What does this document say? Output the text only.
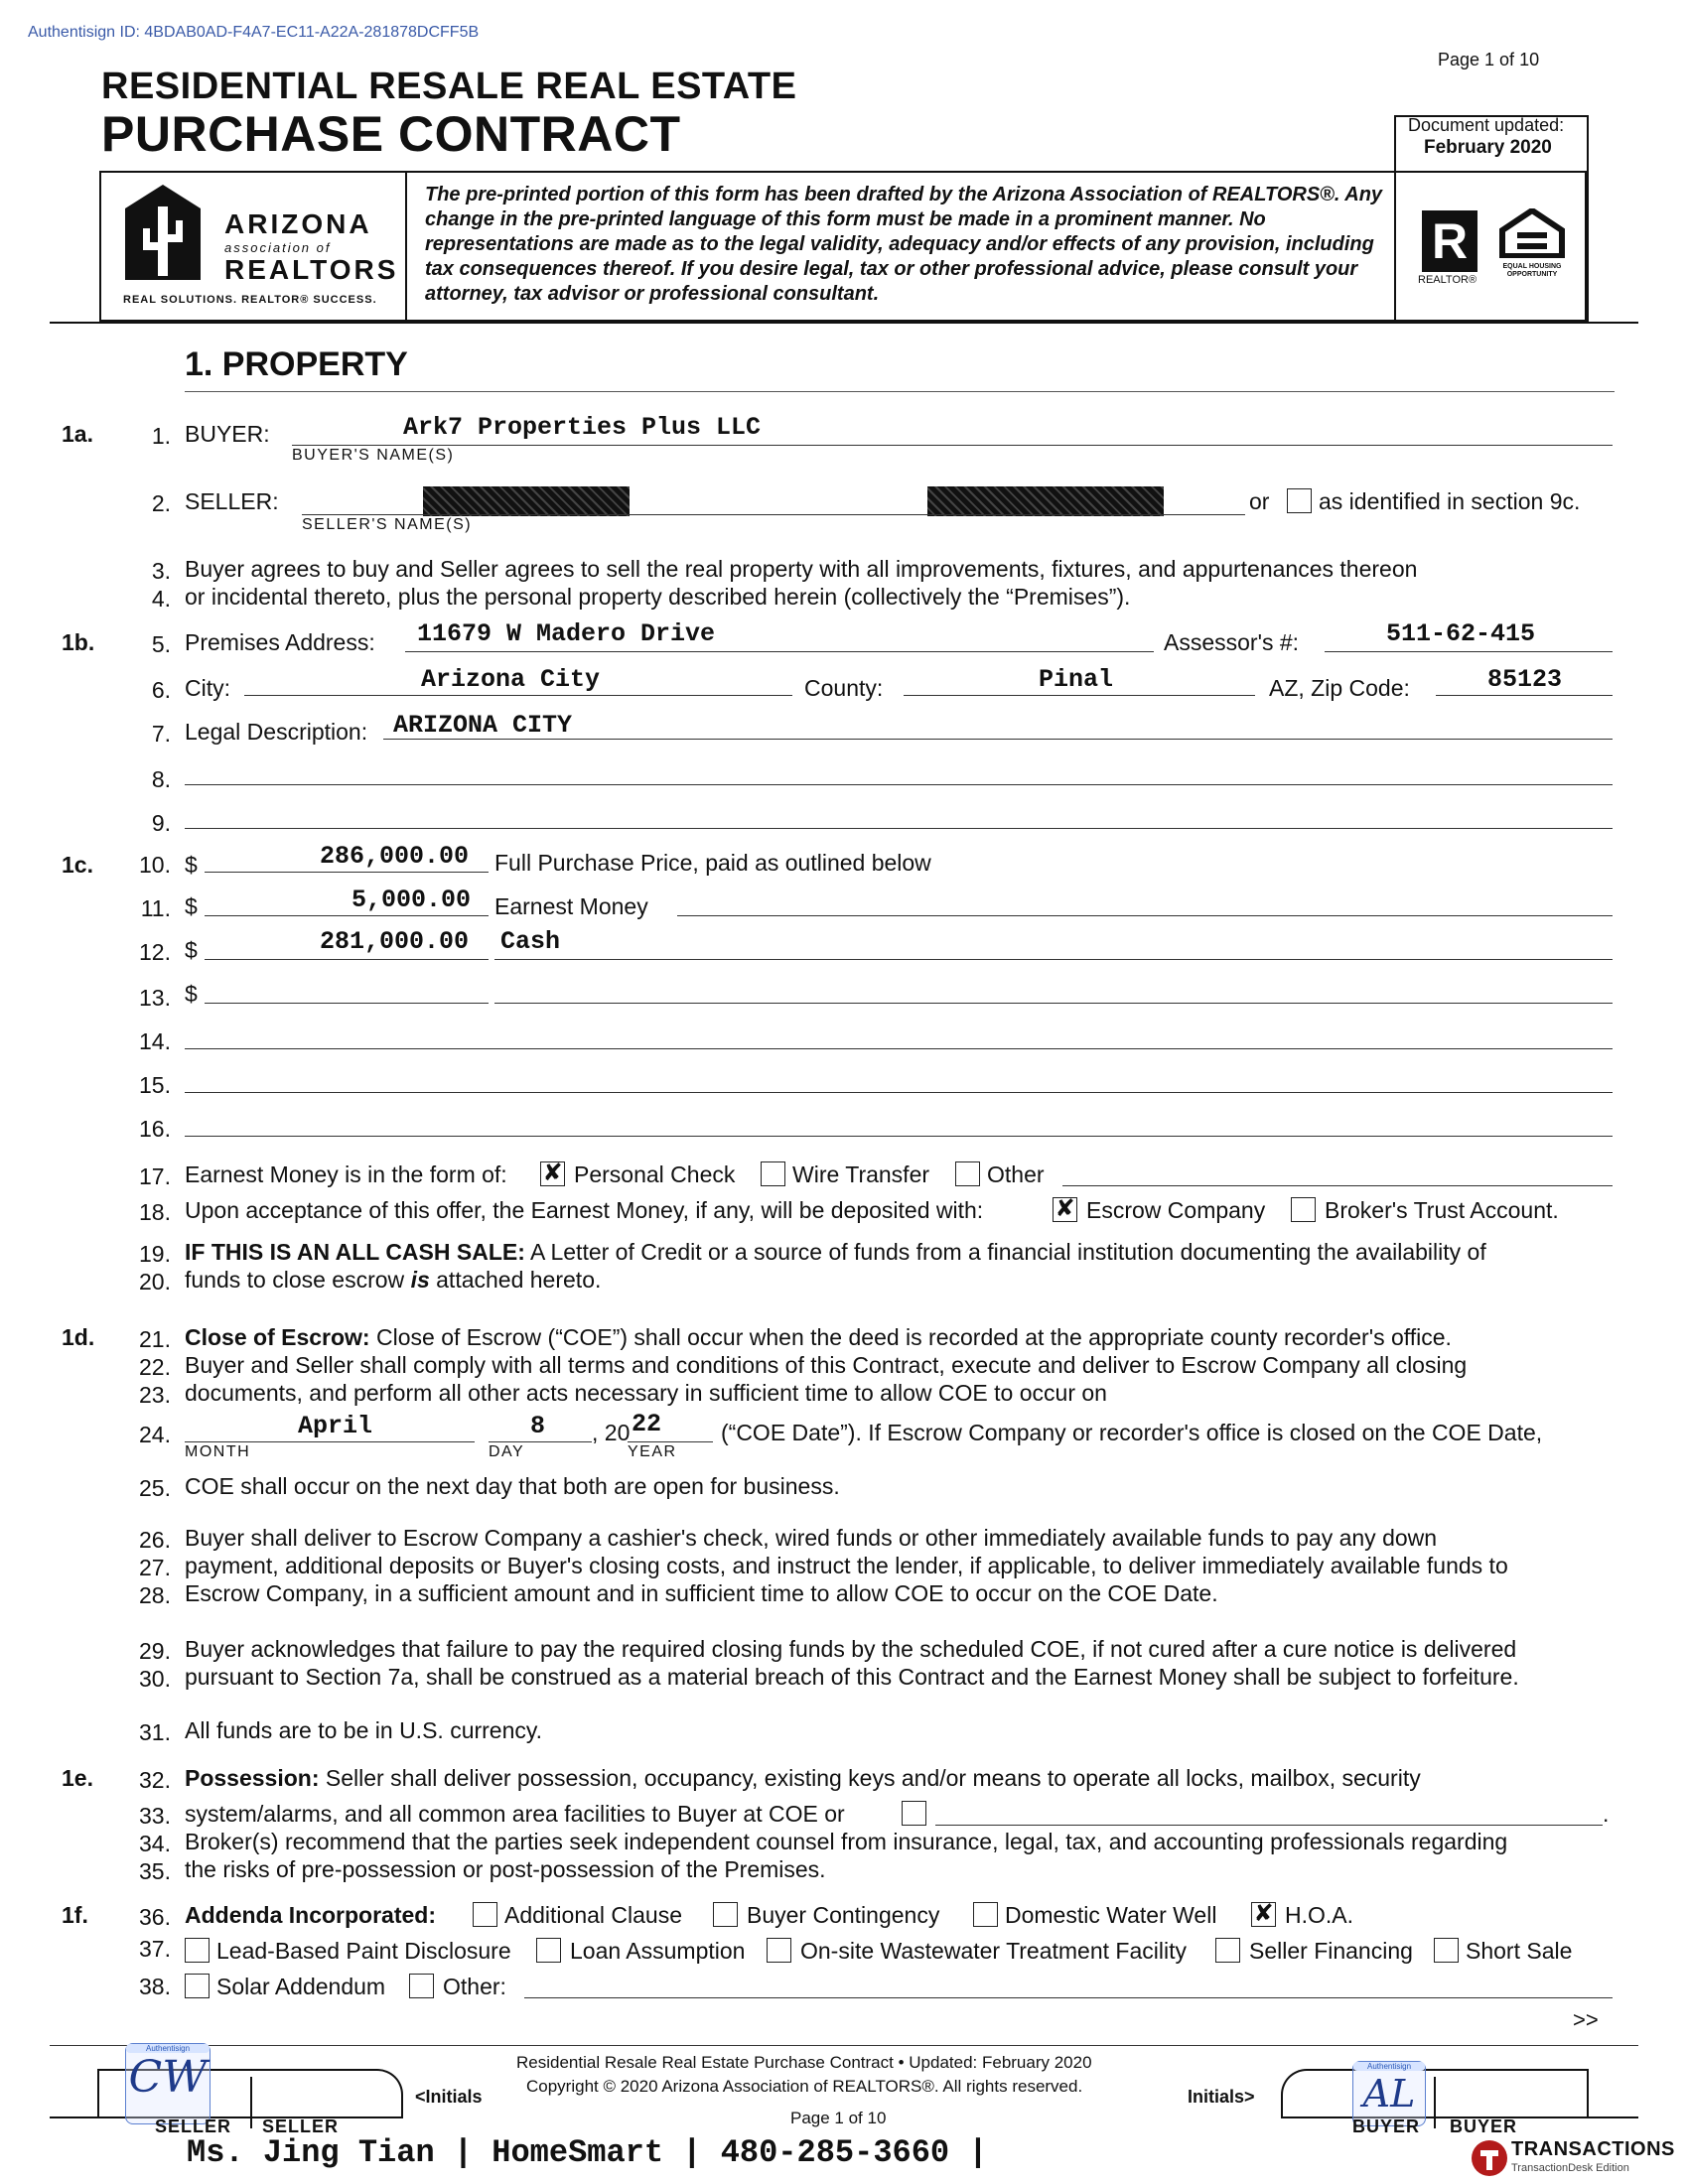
Authentisign ID: 4BDAB0AD-F4A7-EC11-A22A-281878DCFF5B
Page 1 of 10
RESIDENTIAL RESALE REAL ESTATE
PURCHASE CONTRACT	Document updated:
February 2020
ARIZONA
association of
REALTORS
REAL SOLUTIONS. REALTOR® SUCCESS.
The pre-printed portion of this form has been drafted by the Arizona Association of REALTORS®. Any change in the pre-printed language of this form must be made in a prominent manner. No representations are made as to the legal validity, adequacy and/or effects of any provision, including tax consequences thereof. If you desire legal, tax or other professional advice, please consult your attorney, tax advisor or professional consultant.
R
REALTOR®
EQUAL HOUSING OPPORTUNITY
1. PROPERTY
1a.
1b.
1c.
1d.
1e.
1f.
1. BUYER:	Ark7 Properties Plus LLC
BUYER'S NAME(S)
2. SELLER:
SELLER'S NAME(S)
or as identified in section 9c.
3. Buyer agrees to buy and Seller agrees to sell the real property with all improvements, fixtures, and appurtenances thereon
4. or incidental thereto, plus the personal property described herein (collectively the “Premises”).
5. Premises Address: 11679 W Madero Drive	Assessor's #:	511-62-415
6. City:	Arizona City	County:	Pinal	AZ, Zip Code:	85123
7. Legal Description: ARIZONA CITY
8.
9.
10. $	286,000.00 Full Purchase Price, paid as outlined below
11. $	5,000.00 Earnest Money
12. $	281,000.00 Cash
13. $
14.
15.
16.
17. Earnest Money is in the form of: ✘ Personal Check	Wire Transfer	Other
18. Upon acceptance of this offer, the Earnest Money, if any, will be deposited with:	✘ Escrow Company	Broker's Trust Account.
19. IF THIS IS AN ALL CASH SALE: A Letter of Credit or a source of funds from a financial institution documenting the availability of
20. funds to close escrow is attached hereto.
21. Close of Escrow: Close of Escrow (“COE”) shall occur when the deed is recorded at the appropriate county recorder's office.
22. Buyer and Seller shall comply with all terms and conditions of this Contract, execute and deliver to Escrow Company all closing
23. documents, and perform all other acts necessary in sufficient time to allow COE to occur on
24.	April
MONTH
8
DAY
, 20 22
YEAR
(“COE Date”). If Escrow Company or recorder's office is closed on the COE Date,
25. COE shall occur on the next day that both are open for business.
26. Buyer shall deliver to Escrow Company a cashier's check, wired funds or other immediately available funds to pay any down
27. payment, additional deposits or Buyer's closing costs, and instruct the lender, if applicable, to deliver immediately available funds to
28. Escrow Company, in a sufficient amount and in sufficient time to allow COE to occur on the COE Date.
29. Buyer acknowledges that failure to pay the required closing funds by the scheduled COE, if not cured after a cure notice is delivered
30. pursuant to Section 7a, shall be construed as a material breach of this Contract and the Earnest Money shall be subject to forfeiture.
31. All funds are to be in U.S. currency.
32. Possession: Seller shall deliver possession, occupancy, existing keys and/or means to operate all locks, mailbox, security
33. system/alarms, and all common area facilities to Buyer at COE or	.
34. Broker(s) recommend that the parties seek independent counsel from insurance, legal, tax, and accounting professionals regarding
35. the risks of pre-possession or post-possession of the Premises.
36. Addenda Incorporated:	Additional Clause	Buyer Contingency	Domestic Water Well ✘ H.O.A.
37. Lead-Based Paint Disclosure	Loan Assumption On-site Wastewater Treatment Facility	Seller Financing Short Sale
38. Solar Addendum	Other:
>>
Residential Resale Real Estate Purchase Contract • Updated: February 2020
Copyright © 2020 Arizona Association of REALTORS®. All rights reserved.
Page 1 of 10
Authentisign
CW
SELLER SELLER
<Initials	Initials>
Authentisign
AL
BUYER BUYER
Ms. Jing Tian | HomeSmart | 480-285-3660 |	TRANSACTIONS
TransactionDesk Edition
